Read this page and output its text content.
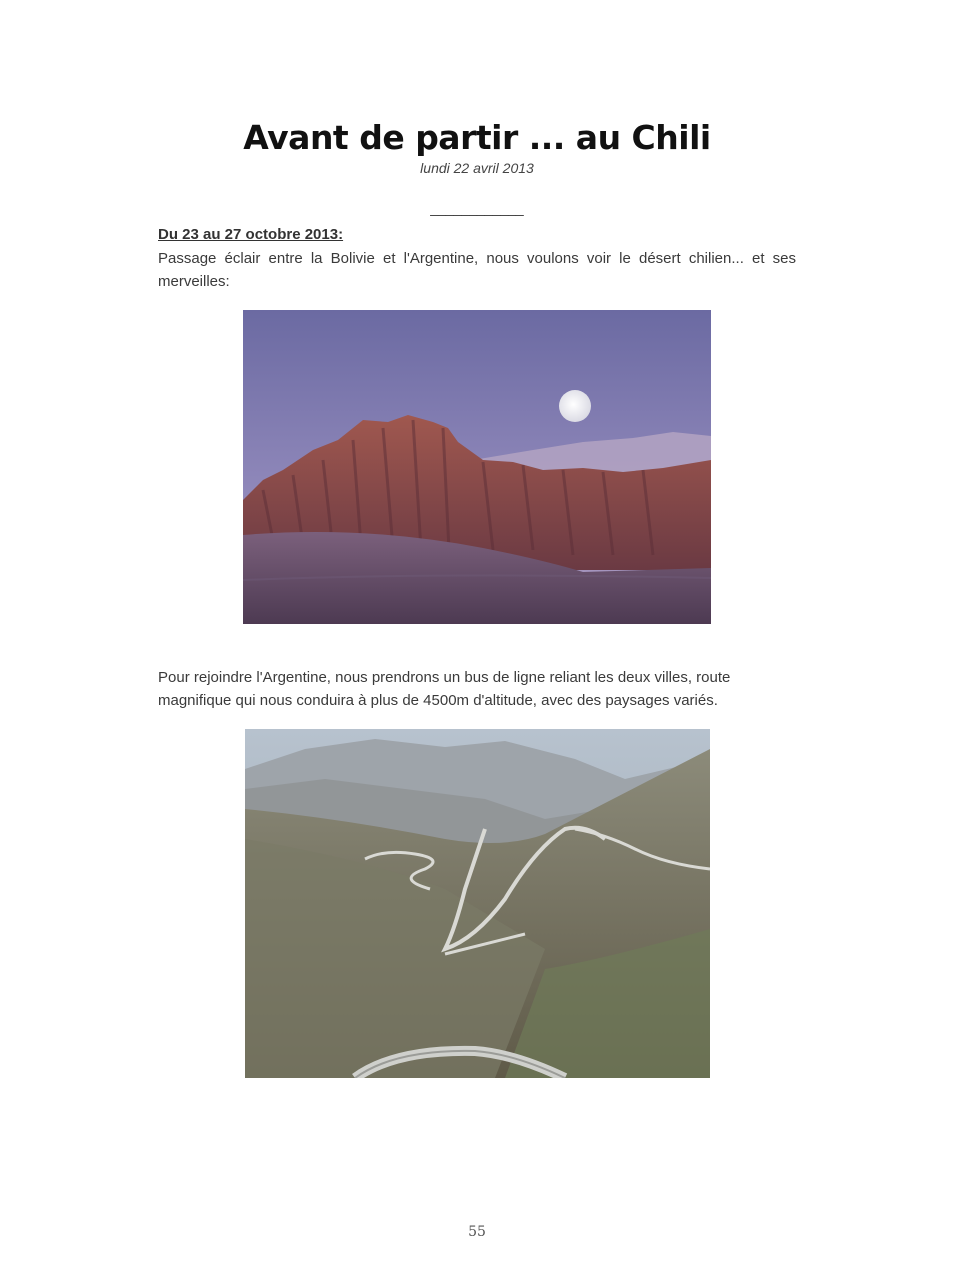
Avant de partir ... au Chili
lundi 22 avril 2013
____________
Du 23 au 27 octobre 2013:
Passage éclair entre la Bolivie et l'Argentine, nous voulons voir le désert chilien... et ses merveilles:
Pour rejoindre l'Argentine, nous prendrons un bus de ligne reliant les deux villes, route magnifique qui nous conduira à plus de 4500m d'altitude, avec des paysages variés.
55
